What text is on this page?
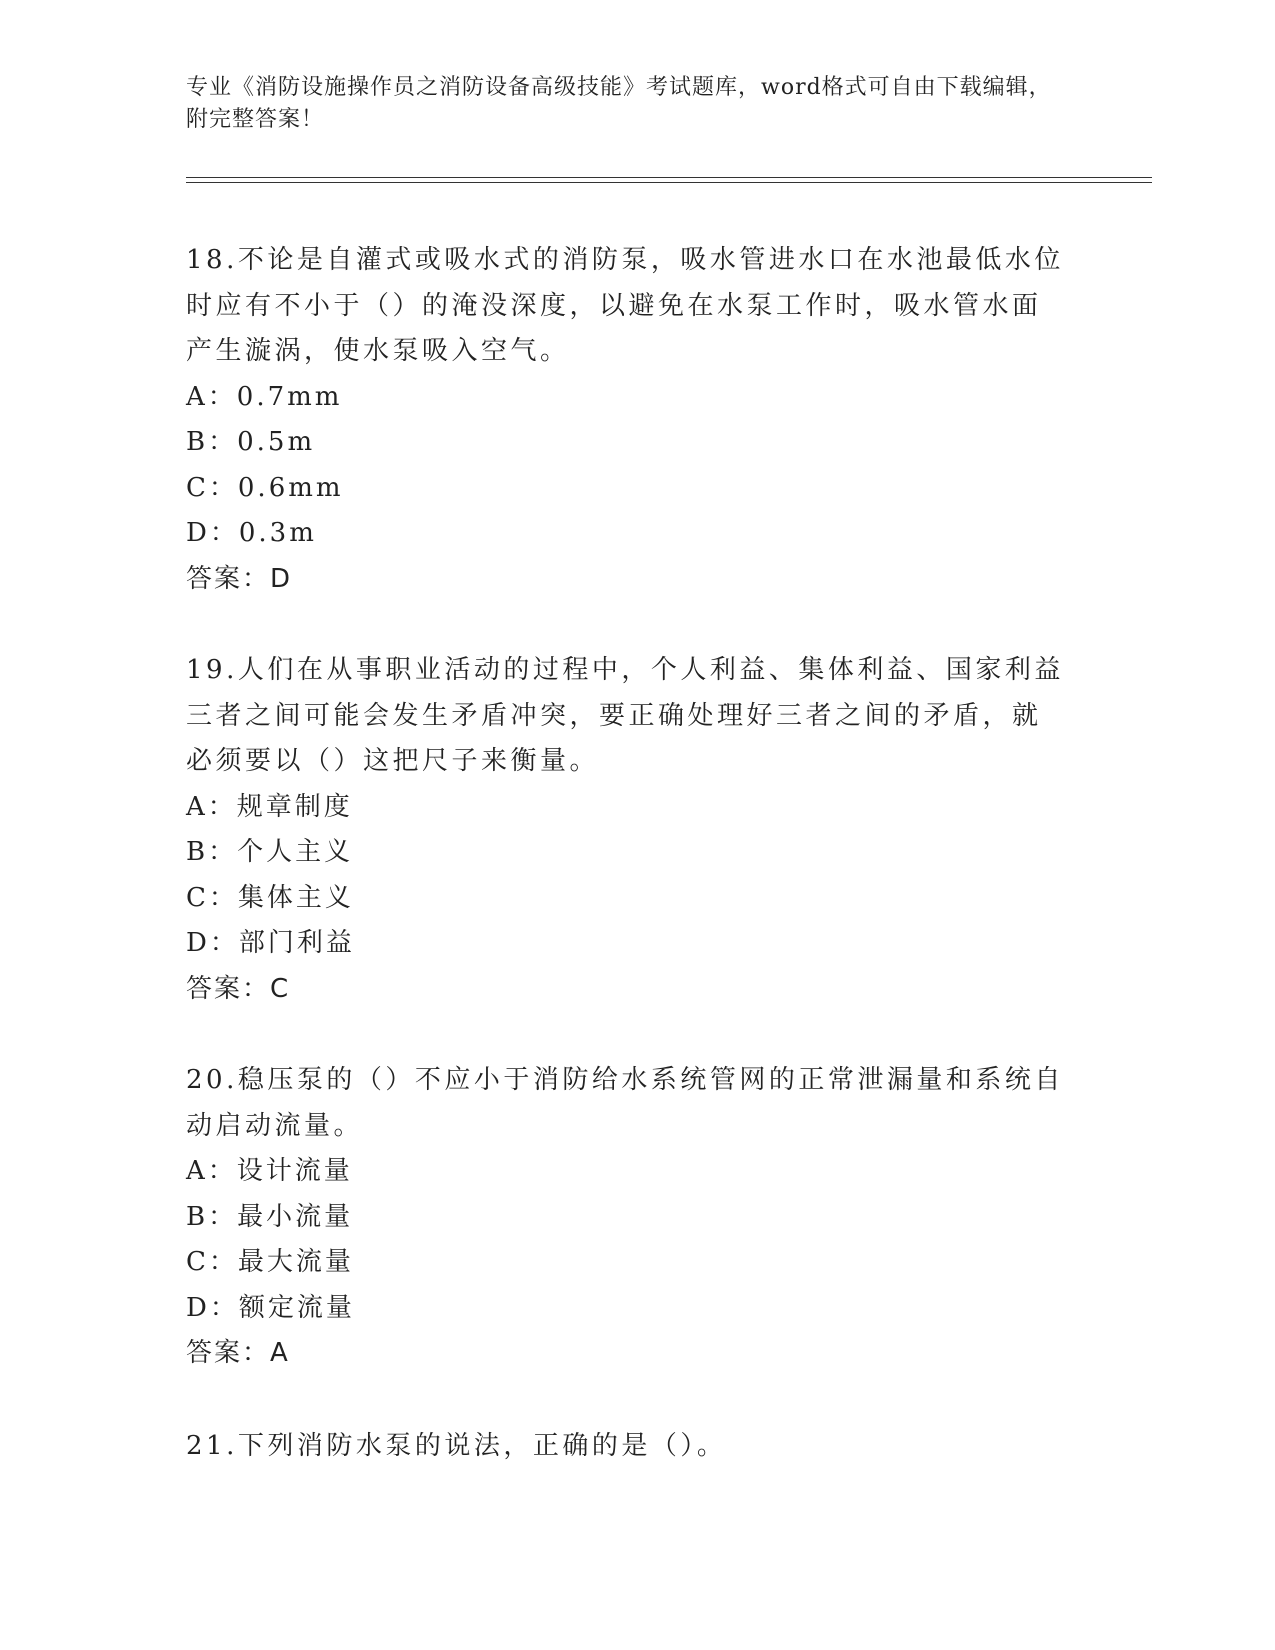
专业《消防设施操作员之消防设备高级技能》考试题库，word格式可自由下载编辑，附完整答案！

18.不论是自灌式或吸水式的消防泵，吸水管进水口在水池最低水位时应有不小于（）的淹没深度，以避免在水泵工作时，吸水管水面产生漩涡，使水泵吸入空气。

A：0.7mm

B：0.5m

C：0.6mm

D：0.3m

答案：D

19.人们在从事职业活动的过程中，个人利益、集体利益、国家利益三者之间可能会发生矛盾冲突，要正确处理好三者之间的矛盾，就必须要以（）这把尺子来衡量。

A：规章制度

B：个人主义

C：集体主义

D：部门利益

答案：C

20.稳压泵的（）不应小于消防给水系统管网的正常泄漏量和系统自动启动流量。

A：设计流量

B：最小流量

C：最大流量

D：额定流量

答案：A

21.下列消防水泵的说法，正确的是（）。
